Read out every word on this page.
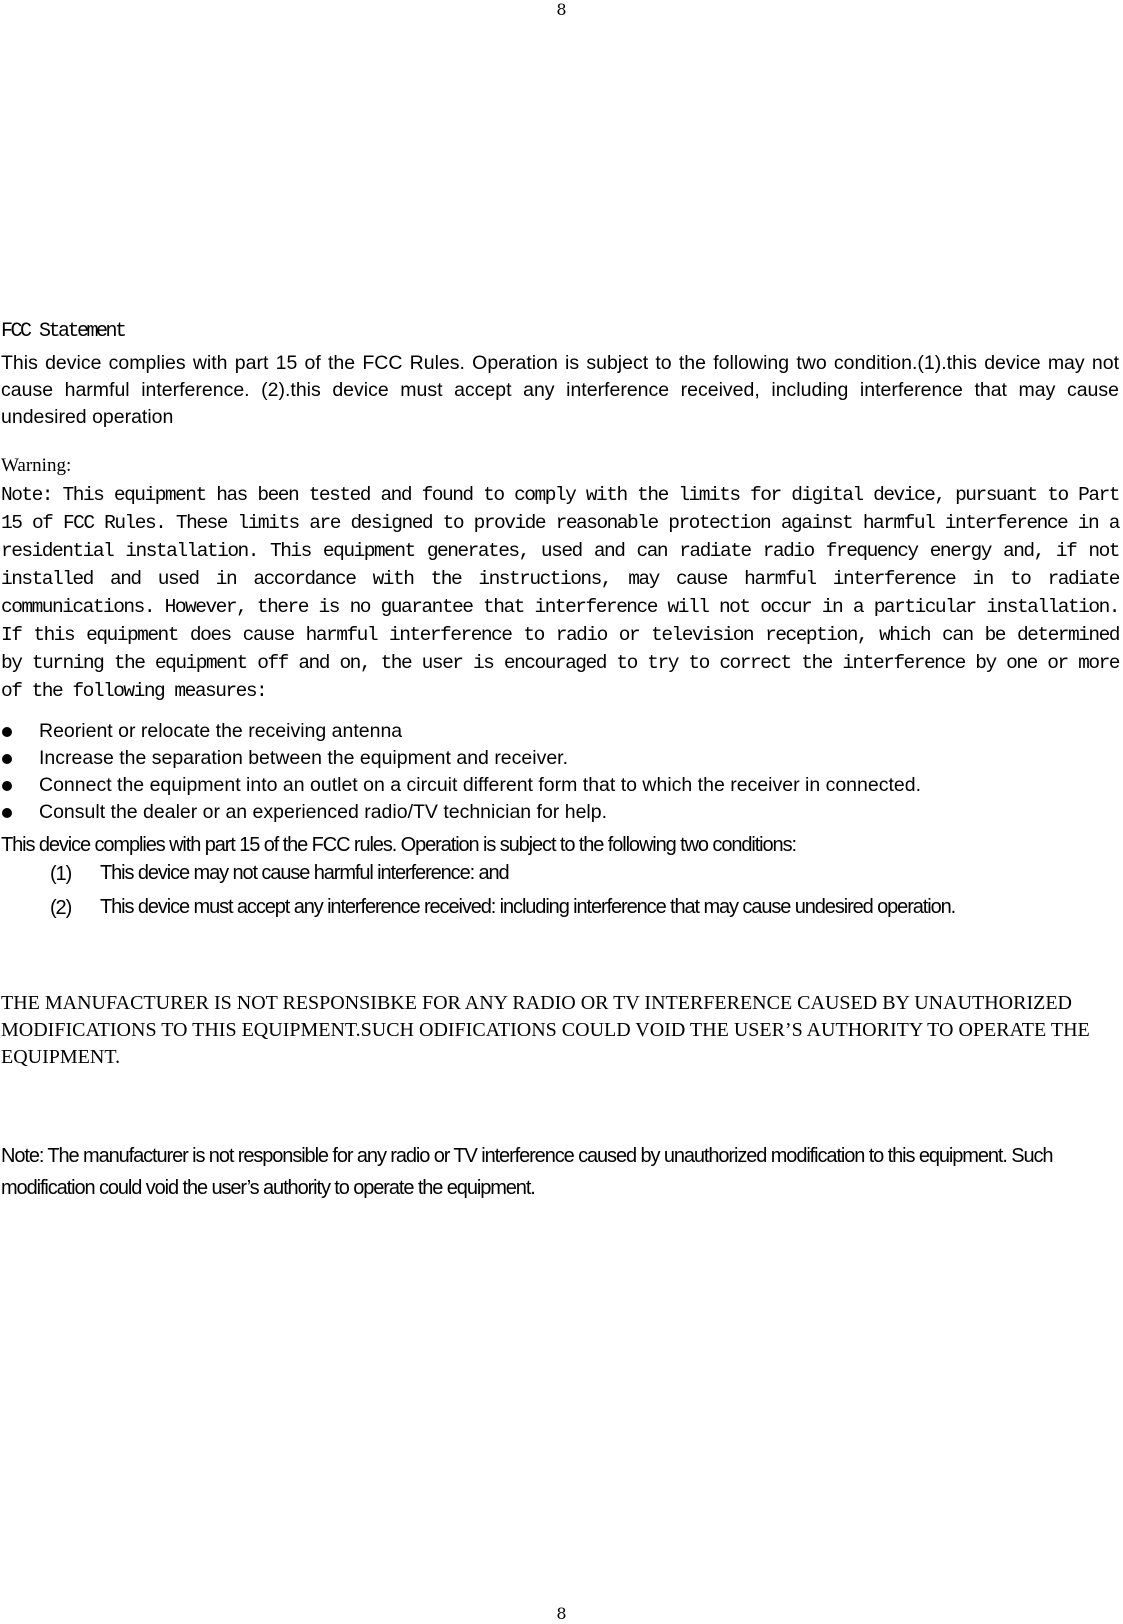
8
FCC Statement
This device complies with part 15 of the FCC Rules. Operation is subject to the following two condition.(1).this device may not cause harmful interference. (2).this device must accept any interference received, including interference that may cause undesired operation
Warning:
Note: This equipment has been tested and found to comply with the limits for digital device, pursuant to Part 15 of FCC Rules. These limits are designed to provide reasonable protection against harmful interference in a residential installation. This equipment generates, used and can radiate radio frequency energy and, if not installed and used in accordance with the instructions, may cause harmful interference in to radiate communications. However, there is no guarantee that interference will not occur in a particular installation. If this equipment does cause harmful interference to radio or television reception, which can be determined by turning the equipment off and on, the user is encouraged to try to correct the interference by one or more of the following measures:
Reorient or relocate the receiving antenna
Increase the separation between the equipment and receiver.
Connect the equipment into an outlet on a circuit different form that to which the receiver in connected.
Consult the dealer or an experienced radio/TV technician for help.
This device complies with part 15 of the FCC rules. Operation is subject to the following two conditions:
(1) This device may not cause harmful interference: and
(2) This device must accept any interference received: including interference that may cause undesired operation.
THE MANUFACTURER IS NOT RESPONSIBKE FOR ANY RADIO OR TV INTERFERENCE CAUSED BY UNAUTHORIZED MODIFICATIONS TO THIS EQUIPMENT.SUCH ODIFICATIONS COULD VOID THE USER’S AUTHORITY TO OPERATE THE EQUIPMENT.
Note: The manufacturer is not responsible for any radio or TV interference caused by unauthorized modification to this equipment. Such modification could void the user’s authority to operate the equipment.
8
